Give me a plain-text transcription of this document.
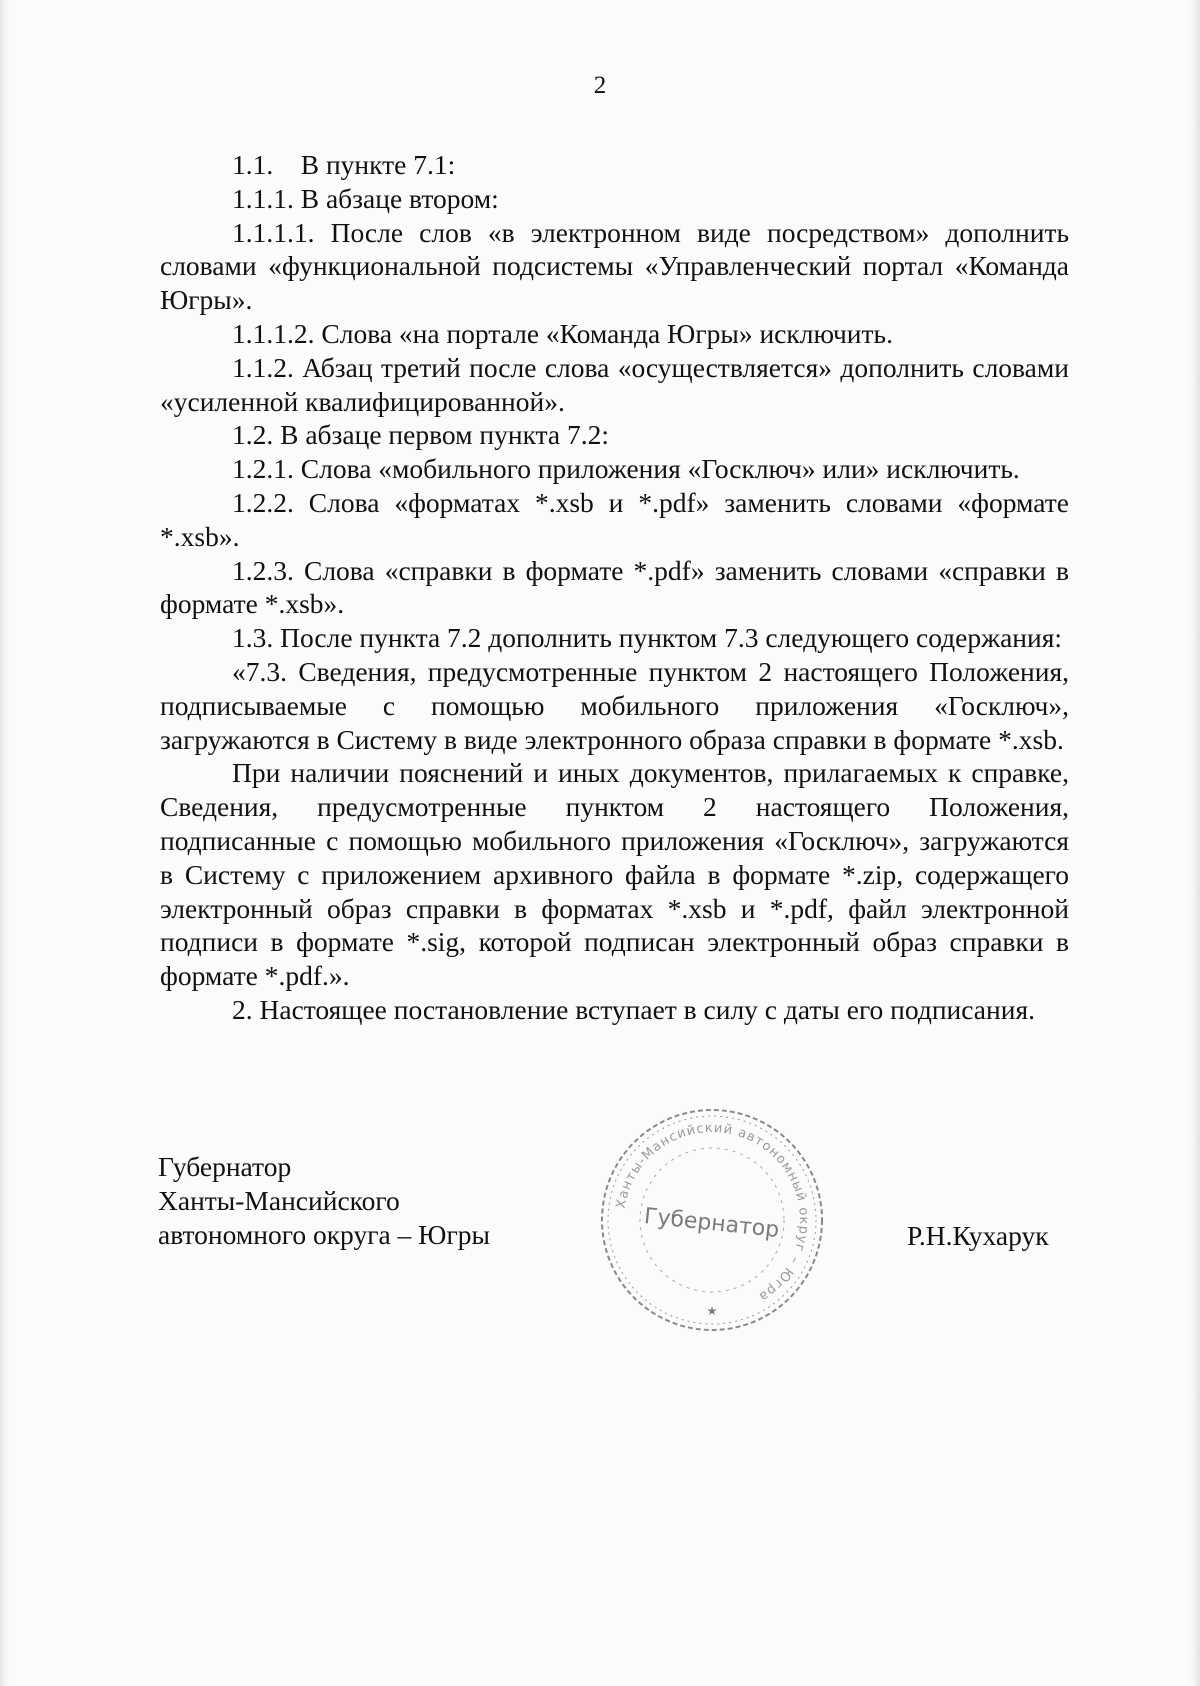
2

1.1.    В пункте 7.1:

1.1.1. В абзаце втором:

1.1.1.1. После слов «в электронном виде посредством» дополнить словами «функциональной подсистемы «Управленческий портал «Команда Югры».

1.1.1.2. Слова «на портале «Команда Югры» исключить.

1.1.2. Абзац третий после слова «осуществляется» дополнить словами «усиленной квалифицированной».

1.2. В абзаце первом пункта 7.2:

1.2.1. Слова «мобильного приложения «Госключ» или» исключить.

1.2.2. Слова «форматах *.xsb и *.pdf» заменить словами «формате *.xsb».

1.2.3. Слова «справки в формате *.pdf» заменить словами «справки в формате *.xsb».

1.3. После пункта 7.2 дополнить пунктом 7.3 следующего содержания:

«7.3. Сведения, предусмотренные пунктом 2 настоящего Положения, подписываемые с помощью мобильного приложения «Госключ», загружаются в Систему в виде электронного образа справки в формате *.xsb.

При наличии пояснений и иных документов, прилагаемых к справке, Сведения, предусмотренные пунктом 2 настоящего Положения, подписанные с помощью мобильного приложения «Госключ», загружаются в Систему с приложением архивного файла в формате *.zip, содержащего электронный образ справки в форматах *.xsb и *.pdf, файл электронной подписи в формате *.sig, которой подписан электронный образ справки в формате *.pdf.».

2. Настоящее постановление вступает в силу с даты его подписания.

Губернатор
Ханты-Мансийского
автономного округа – Югры
Ханты-Мансийский автономный округ – Югра
Губернатор
★
Р.Н.Кухарук
